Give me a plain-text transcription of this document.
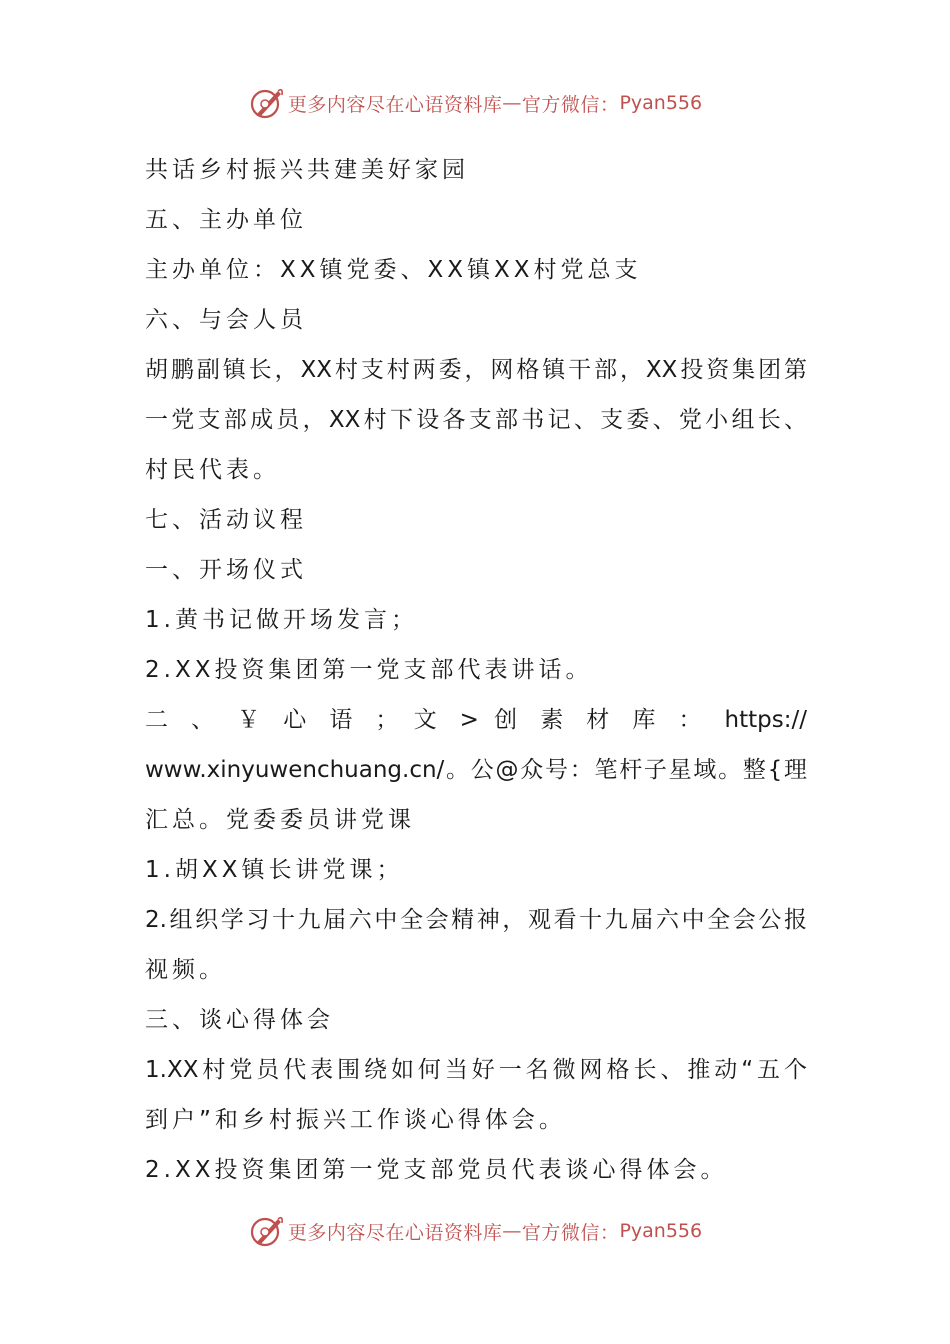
更多内容尽在心语资料库 — 官方微信： Pyan556
共话乡村振兴共建美好家园
五、主办单位
主办单位：XX镇党委、XX镇XX村党总支
六、与会人员
胡鹏副镇长，XX村支村两委，网格镇干部，XX投资集团第
一党支部成员，XX村下设各支部书记、支委、党小组长、
村民代表。
七、活动议程
一、开场仪式
1.黄书记做开场发言；
2.XX投资集团第一党支部代表讲话。
二 、 ￥ 心 语 ； 文 > 创 素 材 库 ： https://
www.xinyuwenchuang.cn/。公@众号：笔杆子星域。整{理
汇总。党委委员讲党课
1.胡XX镇长讲党课；
2.组织学习十九届六中全会精神，观看十九届六中全会公报
视频。
三、谈心得体会
1.XX村党员代表围绕如何当好一名微网格长、推动“五个
到户”和乡村振兴工作谈心得体会。
2.XX投资集团第一党支部党员代表谈心得体会。
更多内容尽在心语资料库 — 官方微信： Pyan556
